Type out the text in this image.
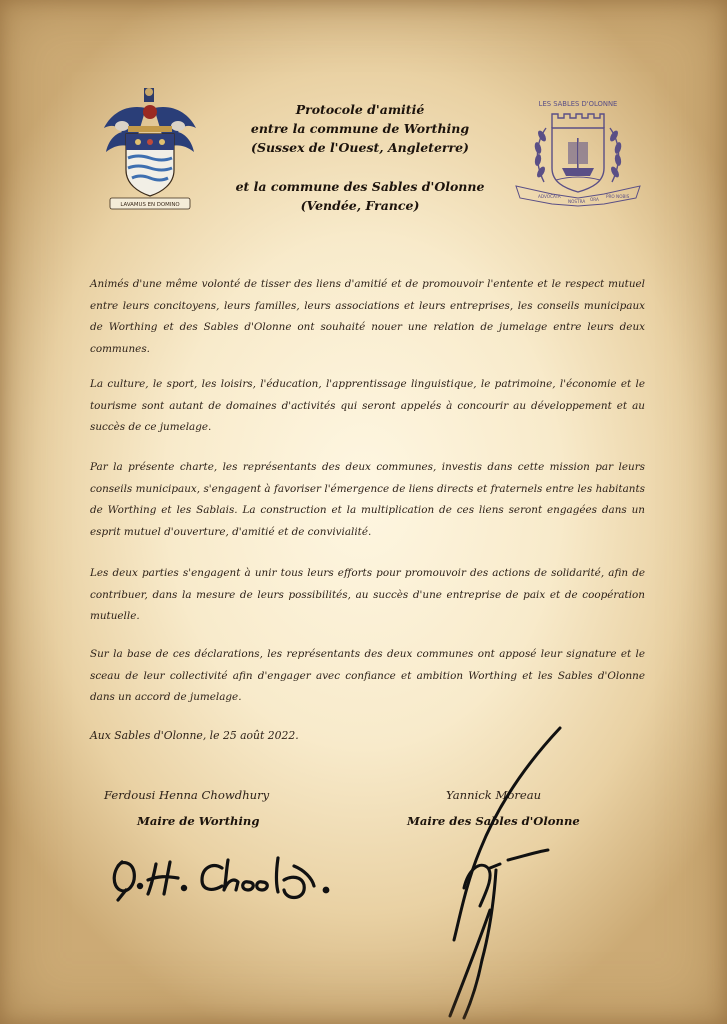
LAVAMUS EN DOMINO
Protocole d'amitié
entre la commune de Worthing
(Sussex de l'Ouest, Angleterre)
et la commune des Sables d'Olonne
(Vendée, France)
LES SABLES D'OLONNE
ADVOCATA
NOSTRA ORA
PRO NOBIS

Animés d'une même volonté de tisser des liens d'amitié et de promouvoir l'entente et le respect mutuel entre leurs concitoyens, leurs familles, leurs associations et leurs entreprises, les conseils municipaux de Worthing et des Sables d'Olonne ont souhaité nouer une relation de jumelage entre leurs deux communes.

La culture, le sport, les loisirs, l'éducation, l'apprentissage linguistique, le patrimoine, l'économie et le tourisme sont autant de domaines d'activités qui seront appelés à concourir au développement et au succès de ce jumelage.

Par la présente charte, les représentants des deux communes, investis dans cette mission par leurs conseils municipaux, s'engagent à favoriser l'émergence de liens directs et fraternels entre les habitants de Worthing et les Sablais. La construction et la multiplication de ces liens seront engagées dans un esprit mutuel d'ouverture, d'amitié et de convivialité.

Les deux parties s'engagent à unir tous leurs efforts pour promouvoir des actions de solidarité, afin de contribuer, dans la mesure de leurs possibilités, au succès d'une entreprise de paix et de coopération mutuelle.

Sur la base de ces déclarations, les représentants des deux communes ont apposé leur signature et le sceau de leur collectivité afin d'engager avec confiance et ambition Worthing et les Sables d'Olonne dans un accord de jumelage.

Aux Sables d'Olonne, le 25 août 2022.
Ferdousi Henna Chowdhury
Maire de Worthing
Yannick Moreau
Maire des Sables d'Olonne
